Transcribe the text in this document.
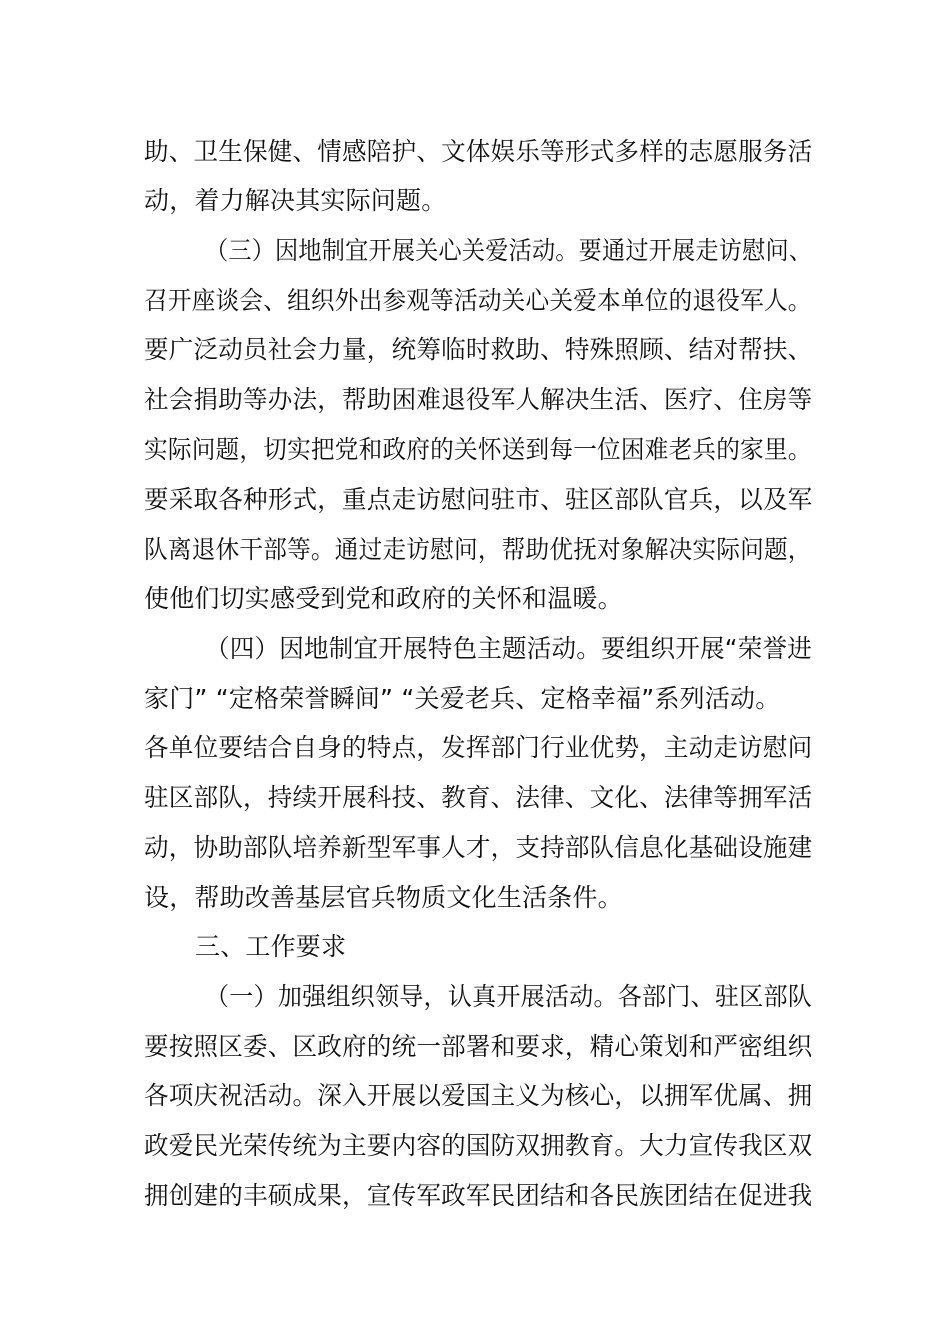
助、卫生保健、情感陪护、文体娱乐等形式多样的志愿服务活
动，着力解决其实际问题。
（三）因地制宜开展关心关爱活动。要通过开展走访慰问、
召开座谈会、组织外出参观等活动关心关爱本单位的退役军人。
要广泛动员社会力量，统筹临时救助、特殊照顾、结对帮扶、
社会捐助等办法，帮助困难退役军人解决生活、医疗、住房等
实际问题，切实把党和政府的关怀送到每一位困难老兵的家里。
要采取各种形式，重点走访慰问驻市、驻区部队官兵，以及军
队离退休干部等。通过走访慰问，帮助优抚对象解决实际问题，
使他们切实感受到党和政府的关怀和温暖。
（四）因地制宜开展特色主题活动。要组织开展“荣誉进
家门” “定格荣誉瞬间” “关爱老兵、定格幸福”系列活动。
各单位要结合自身的特点，发挥部门行业优势，主动走访慰问
驻区部队，持续开展科技、教育、法律、文化、法律等拥军活
动，协助部队培养新型军事人才，支持部队信息化基础设施建
设，帮助改善基层官兵物质文化生活条件。
三、工作要求
（一）加强组织领导，认真开展活动。各部门、驻区部队
要按照区委、区政府的统一部署和要求，精心策划和严密组织
各项庆祝活动。深入开展以爱国主义为核心，以拥军优属、拥
政爱民光荣传统为主要内容的国防双拥教育。大力宣传我区双
拥创建的丰硕成果，宣传军政军民团结和各民族团结在促进我
